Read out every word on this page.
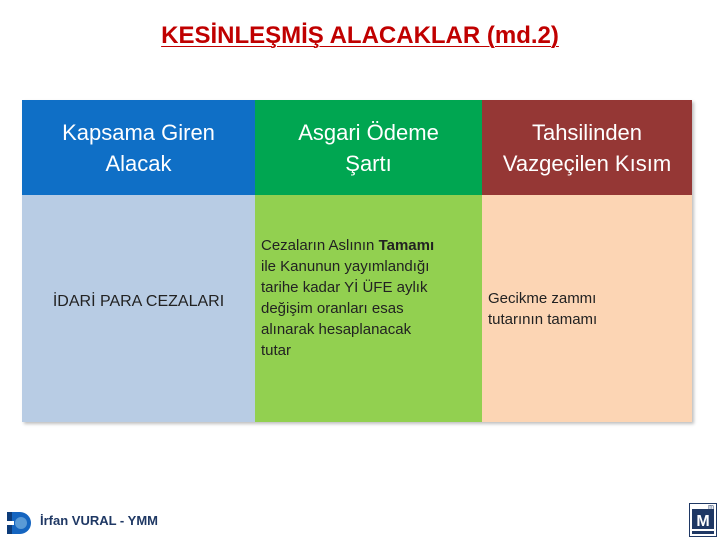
KESİNLEŞMİŞ ALACAKLAR (md.2)
Kapsama Giren
Alacak
Asgari Ödeme
Şartı
Tahsilinden
Vazgeçilen Kısım
İDARİ PARA CEZALARI
Cezaların Aslının Tamamı
ile Kanunun yayımlandığı
tarihe kadar Yİ ÜFE aylık
değişim oranları esas
alınarak hesaplanacak
tutar
Gecikme zammı
tutarının tamamı
İrfan VURAL - YMM	M
m
